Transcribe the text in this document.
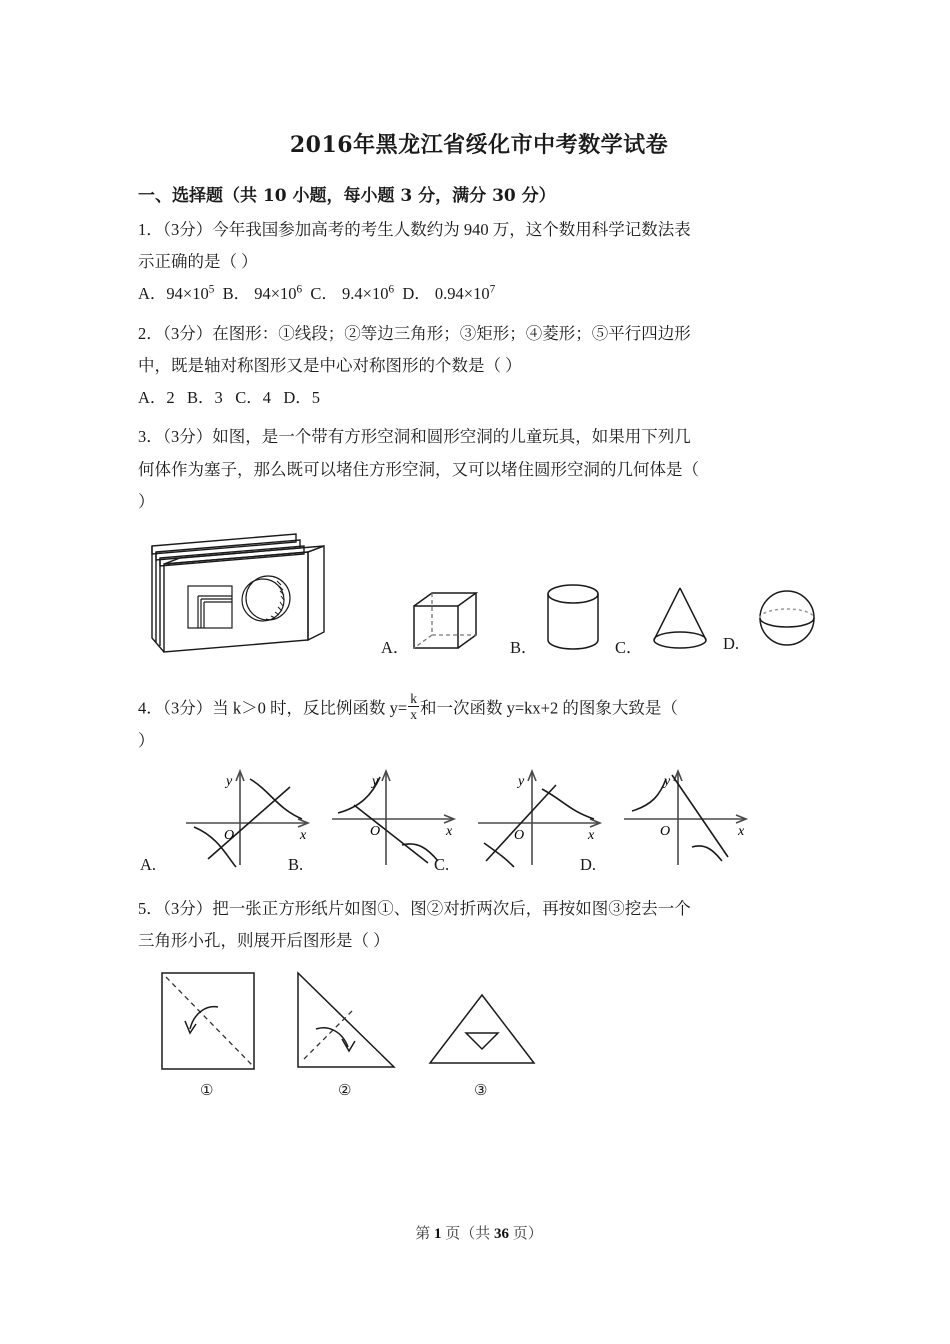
2016年黑龙江省绥化市中考数学试卷
一、选择题（共 10 小题，每小题 3 分，满分 30 分）
1．（3分）今年我国参加高考的考生人数约为 940 万，这个数用科学记数法表
示正确的是（ ）
A．$94\times 10^5$ B． $94\times 10^6$ C． $9.4\times 10^6$ D． $0.94\times 10^7$
2．（3分）在图形：①线段；②等边三角形；③矩形；④菱形；⑤平行四边形
中，既是轴对称图形又是中心对称图形的个数是（ ）
A．2 B．3 C．4 D．5
3．（3分）如图，是一个带有方形空洞和圆形空洞的儿童玩具，如果用下列几
何体作为塞子，那么既可以堵住方形空洞，又可以堵住圆形空洞的几何体是（
）
A．	B．	C．	D.
4．（3分）当 k＞0 时，反比例函数 $y= \frac{k}{x}$ 和一次函数 y=kx+2 的图象大致是（
）
y
x
O
A.
y
x
O
B.
y
x
O
C.
y
x
O
D.
5．（3分）把一张正方形纸片如图①、图②对折两次后，再按如图③挖去一个
三角形小孔，则展开后图形是（ ）
①	②	③
第 1 页（共 36 页）
